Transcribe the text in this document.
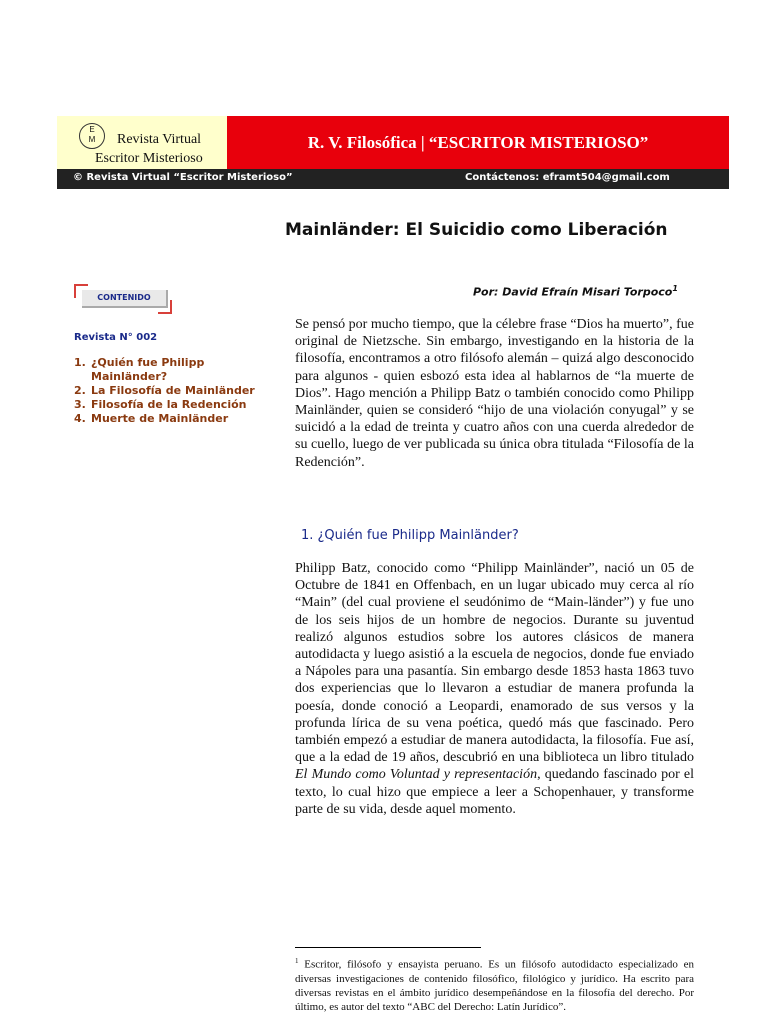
E
M	Revista Virtual
Escritor Misterioso
R. V. Filosófica | “ESCRITOR MISTERIOSO”
© Revista Virtual “Escritor Misterioso”	Contáctenos: eframt504@gmail.com
Mainländer: El Suicidio como Liberación
CONTENIDO
Revista N° 002
1. ¿Quién fue Philipp Mainländer?
2. La Filosofía de Mainländer
3. Filosofía de la Redención
4. Muerte de Mainländer
Por: David Efraín Misari Torpoco$^1$

Se pensó por mucho tiempo, que la célebre frase “Dios ha muerto”, fue original de Nietzsche. Sin embargo, investigando en la historia de la filosofía, encontramos a otro filósofo alemán – quizá algo desconocido para algunos - quien esbozó esta idea al hablarnos de “la muerte de Dios”. Hago mención a Philipp Batz o también conocido como Philipp Mainländer, quien se consideró “hijo de una violación conyugal” y se suicidó a la edad de treinta y cuatro años con una cuerda alrededor de su cuello, luego de ver publicada su única obra titulada “Filosofía de la Redención”.

1. ¿Quién fue Philipp Mainländer?

Philipp Batz, conocido como “Philipp Mainländer”, nació un 05 de Octubre de 1841 en Offenbach, en un lugar ubicado muy cerca al río “Main” (del cual proviene el seudónimo de “Main-länder”) y fue uno de los seis hijos de un hombre de negocios. Durante su juventud realizó algunos estudios sobre los autores clásicos de manera autodidacta y luego asistió a la escuela de negocios, donde fue enviado a Nápoles para una pasantía. Sin embargo desde 1853 hasta 1863 tuvo dos experiencias que lo llevaron a estudiar de manera profunda la poesía, donde conoció a Leopardi, enamorado de sus versos y la profunda lírica de su vena poética, quedó más que fascinado. Pero también empezó a estudiar de manera autodidacta, la filosofía. Fue así, que a la edad de 19 años, descubrió en una biblioteca un libro titulado El Mundo como Voluntad y representación, quedando fascinado por el texto, lo cual hizo que empiece a leer a Schopenhauer, y transforme parte de su vida, desde aquel momento.

$^1$ Escritor, filósofo y ensayista peruano. Es un filósofo autodidacto especializado en diversas investigaciones de contenido filosófico, filológico y jurídico. Ha escrito para diversas revistas en el ámbito jurídico desempeñándose en la filosofía del derecho. Por último, es autor del texto “ABC del Derecho: Latín Jurídico”.
